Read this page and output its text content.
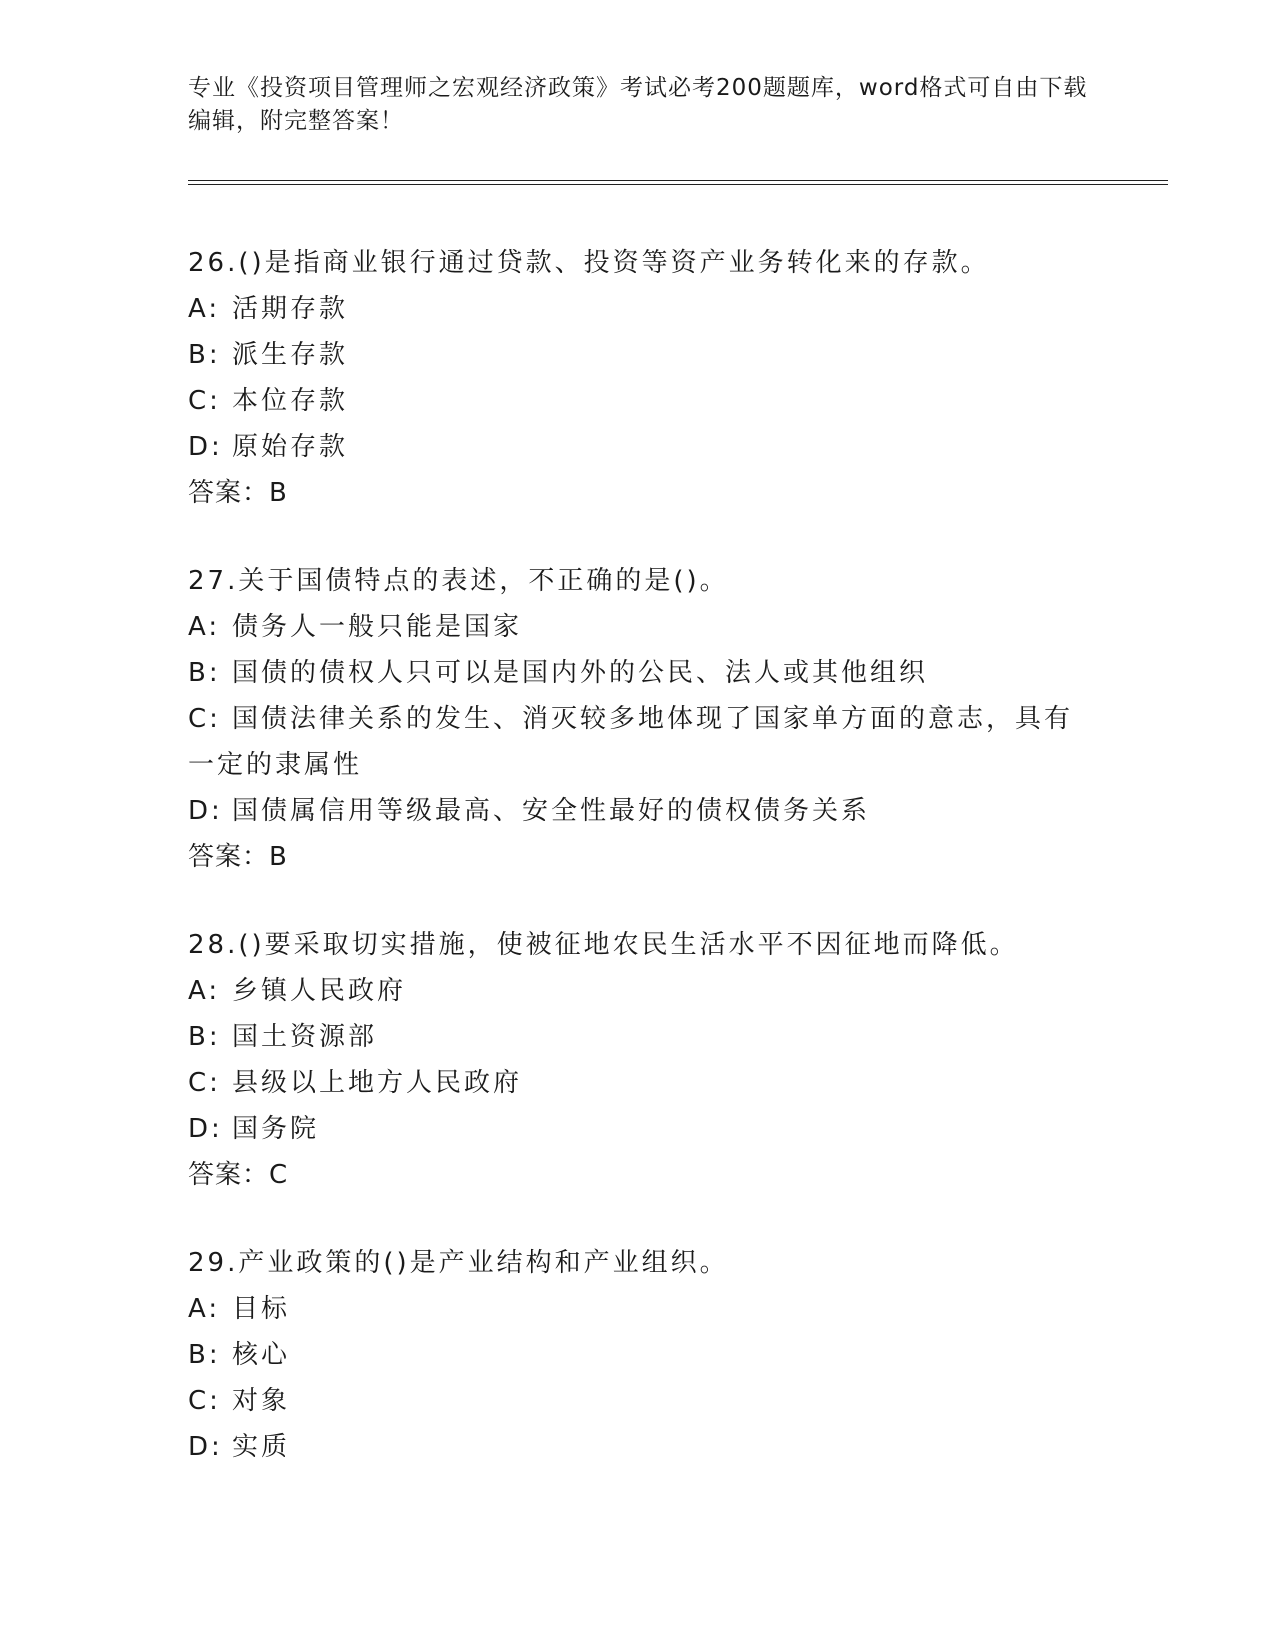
专业《投资项目管理师之宏观经济政策》考试必考200题题库，word格式可自由下载编辑，附完整答案！
26.()是指商业银行通过贷款、投资等资产业务转化来的存款。
A: 活期存款
B: 派生存款
C: 本位存款
D: 原始存款
答案：B
27.关于国债特点的表述，不正确的是()。
A: 债务人一般只能是国家
B: 国债的债权人只可以是国内外的公民、法人或其他组织
C: 国债法律关系的发生、消灭较多地体现了国家单方面的意志，具有一定的隶属性
D: 国债属信用等级最高、安全性最好的债权债务关系
答案：B
28.()要采取切实措施，使被征地农民生活水平不因征地而降低。
A: 乡镇人民政府
B: 国土资源部
C: 县级以上地方人民政府
D: 国务院
答案：C
29.产业政策的()是产业结构和产业组织。
A: 目标
B: 核心
C: 对象
D: 实质
